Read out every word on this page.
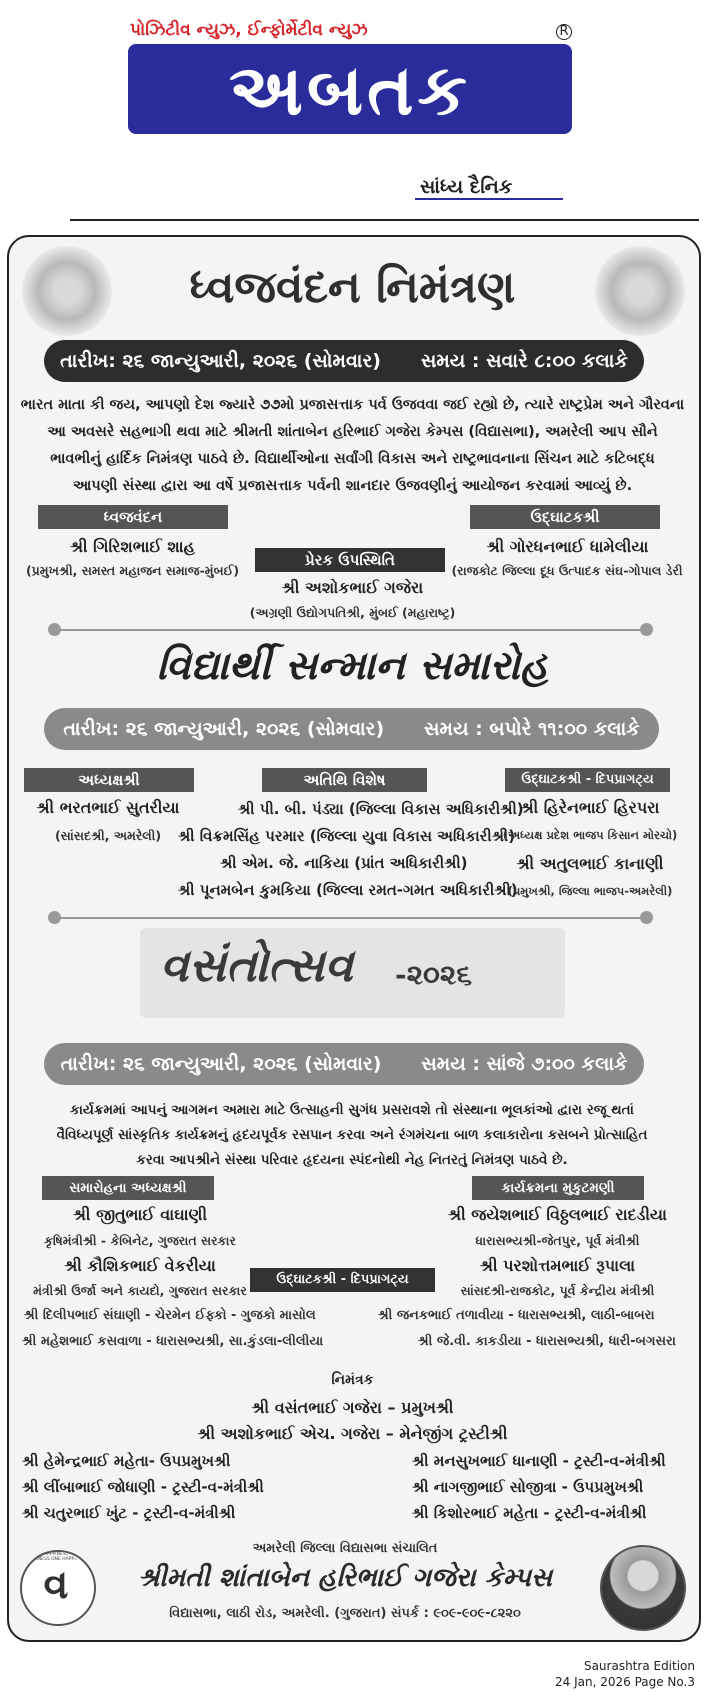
પોઝિટીવ ન્યુઝ, ઈન્ફોર્મેટીવ ન્યુઝ	R
અબતક
સાંધ્ય દૈનિક
ધ્વજવંદન નિમંત્રણ
તારીખ: ૨૬ જાન્યુઆરી, ૨૦૨૬ (સોમવાર) સમય : સવારે ૮:૦૦ કલાકે
ભારત માતા કી જય, આપણો દેશ જ્યારે ૭૭મો પ્રજાસત્તાક પર્વ ઉજવવા જઈ રહ્યો છે, ત્યારે રાષ્ટ્રપ્રેમ અને ગૌરવના
આ અવસરે સહભાગી થવા માટે શ્રીમતી શાંતાબેન હરિભાઈ ગજેરા કેમ્પસ (વિદ્યાસભા), અમરેલી આપ સૌને
ભાવભીનું હાર્દિક નિમંત્રણ પાઠવે છે. વિદ્યાર્થીઓના સર્વાંગી વિકાસ અને રાષ્ટ્રભાવનાના સિંચન માટે કટિબદ્ધ
આપણી સંસ્થા દ્વારા આ વર્ષે પ્રજાસત્તાક પર્વની શાનદાર ઉજવણીનું આયોજન કરવામાં આવ્યું છે.
ધ્વજવંદન
શ્રી ગિરિશભાઈ શાહ
(પ્રમુખશ્રી, સમસ્ત મહાજન સમાજ-મુંબઈ)
પ્રેરક ઉપસ્થિતિ
શ્રી અશોકભાઈ ગજેરા
(અગ્રણી ઉદ્યોગપતિશ્રી, મુંબઈ (મહારાષ્ટ્ર)
ઉદ્ઘાટકશ્રી
શ્રી ગોરધનભાઈ ધામેલીયા
(રાજકોટ જિલ્લા દૂધ ઉત્પાદક સંઘ-ગોપાલ ડેરી
વિદ્યાર્થી સન્માન સમારોહ
તારીખ: ૨૬ જાન્યુઆરી, ૨૦૨૬ (સોમવાર) સમય : બપોરે ૧૧:૦૦ કલાકે
અધ્યક્ષશ્રી
શ્રી ભરતભાઈ સુતરીયા
(સાંસદશ્રી, અમરેલી)
અતિથિ વિશેષ
શ્રી પી. બી. પંડ્યા (જિલ્લા વિકાસ અધિકારીશ્રી)
શ્રી વિક્રમસિંહ પરમાર (જિલ્લા યુવા વિકાસ અધિકારીશ્રી)
શ્રી એમ. જે. નાકિયા (પ્રાંત અધિકારીશ્રી)
શ્રી પૂનમબેન કુમકિયા (જિલ્લા રમત-ગમત અધિકારીશ્રી)
ઉદ્ઘાટકશ્રી - દિપપ્રાગટ્ય
શ્રી હિરેનભાઈ હિરપરા
(અધ્યક્ષ પ્રદેશ ભાજપ કિસાન મોરચો)
શ્રી અતુલભાઈ કાનાણી
(પ્રમુખશ્રી, જિલ્લા ભાજપ-અમરેલી)
વસંતોત્સવ -૨૦૨૬
તારીખ: ૨૬ જાન્યુઆરી, ૨૦૨૬ (સોમવાર) સમય : સાંજે ૭:૦૦ કલાકે
કાર્યક્રમમાં આપનું આગમન અમારા માટે ઉત્સાહની સુગંધ પ્રસરાવશે તો સંસ્થાના ભૂલકાંઓ દ્વારા રજૂ થતાં
વૈવિધ્યપૂર્ણ સાંસ્કૃતિક કાર્યક્રમનું હૃદયપૂર્વક રસપાન કરવા અને રંગમંચના બાળ કલાકારોના કસબને પ્રોત્સાહિત
કરવા આપશ્રીને સંસ્થા પરિવાર હૃદયના સ્પંદનોથી નેહ નિતરતું નિમંત્રણ પાઠવે છે.
સમારોહના અધ્યક્ષશ્રી
શ્રી જીતુભાઈ વાઘાણી
કૃષિમંત્રીશ્રી - કેબિનેટ, ગુજરાત સરકાર
શ્રી કૌશિકભાઈ વેકરીયા
મંત્રીશ્રી ઉર્જા અને કાયદો, ગુજરાત સરકાર
કાર્યક્રમના મુકુટમણી
શ્રી જયેશભાઈ વિઠ્ઠલભાઈ રાદડીયા
ધારાસભ્યશ્રી-જેતપુર, પૂર્વ મંત્રીશ્રી
શ્રી પરશોત્તમભાઈ રૂપાલા
સાંસદશ્રી-રાજકોટ, પૂર્વ કેન્દ્રીય મંત્રીશ્રી
ઉદ્ઘાટકશ્રી - દિપપ્રાગટ્ય
શ્રી દિલીપભાઈ સંઘાણી - ચેરમેન ઈફ્કો - ગુજકો માસોલ
શ્રી મહેશભાઈ કસવાળા - ધારાસભ્યશ્રી, સા.કુંડલા-લીલીયા
શ્રી જનકભાઈ તળાવીયા - ધારાસભ્યશ્રી, લાઠી-બાબરા
શ્રી જે.વી. કાકડીયા - ધારાસભ્યશ્રી, ધારી-બગસરા
નિમંત્રક
શ્રી વસંતભાઈ ગજેરા – પ્રમુખશ્રી
શ્રી અશોકભાઈ એચ. ગજેરા – મેનેજીંગ ટ્રસ્ટીશ્રી
શ્રી હેમેન્દ્રભાઈ મહેતા- ઉપપ્રમુખશ્રી
શ્રી લીંબાભાઈ જોધાણી - ટ્રસ્ટી-વ-મંત્રીશ્રી
શ્રી ચતુરભાઈ ખુંટ - ટ્રસ્ટી-વ-મંત્રીશ્રી
શ્રી મનસુખભાઈ ધાનાણી - ટ્રસ્ટી-વ-મંત્રીશ્રી
શ્રી નાગજીભાઈ સોજીત્રા - ઉપપ્રમુખશ્રી
શ્રી કિશોરભાઈ મહેતા - ટ્રસ્ટી-વ-મંત્રીશ્રી
ONE HAPPINESS ONE HAPPINESS ONE HAPPINESS
વ
અમરેલી જિલ્લા વિદ્યાસભા સંચાલિત
શ્રીમતી શાંતાબેન હરિભાઈ ગજેરા કેમ્પસ
વિદ્યાસભા, લાઠી રોડ, અમરેલી. (ગુજરાત) સંપર્ક : ૯૦૯-૯૦૯-૮૨૨૦
Saurashtra Edition
24 Jan, 2026 Page No.3
